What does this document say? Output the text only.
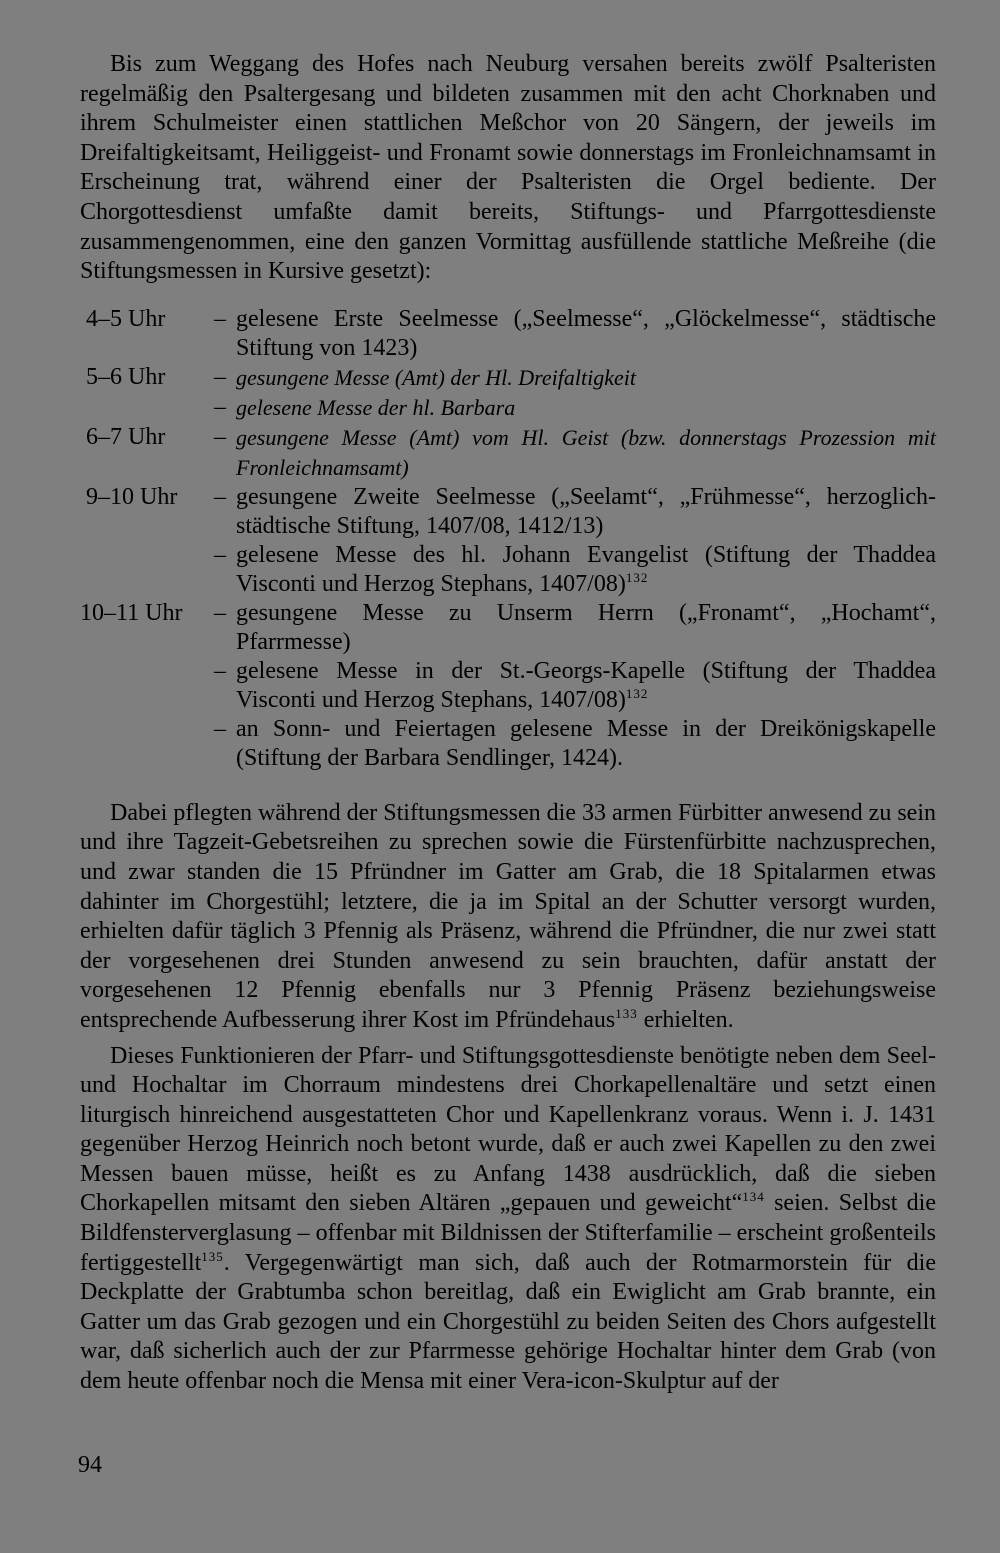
Bis zum Weggang des Hofes nach Neuburg versahen bereits zwölf Psalteristen regelmäßig den Psaltergesang und bildeten zusammen mit den acht Chorknaben und ihrem Schulmeister einen stattlichen Meßchor von 20 Sängern, der jeweils im Dreifaltigkeitsamt, Heiliggeist- und Fronamt sowie donnerstags im Fronleichnamsamt in Erscheinung trat, während einer der Psalteristen die Orgel bediente. Der Chorgottesdienst umfaßte damit bereits, Stiftungs- und Pfarrgottesdienste zusammengenommen, eine den ganzen Vormittag ausfüllende stattliche Meßreihe (die Stiftungsmessen in Kursive gesetzt):

4–5 Uhr	– gelesene Erste Seelmesse („Seelmesse“, „Glöckelmesse“, städtische Stiftung von 1423)
5–6 Uhr	– gesungene Messe (Amt) der Hl. Dreifaltigkeit
– gelesene Messe der hl. Barbara
6–7 Uhr	– gesungene Messe (Amt) vom Hl. Geist (bzw. donnerstags Prozession mit Fronleichnamsamt)
9–10 Uhr	– gesungene Zweite Seelmesse („Seelamt“, „Frühmesse“, herzoglich-städtische Stiftung, 1407/08, 1412/13)
– gelesene Messe des hl. Johann Evangelist (Stiftung der Thaddea Visconti und Herzog Stephans, 1407/08)$^{132}$
10–11 Uhr	– gesungene Messe zu Unserm Herrn („Fronamt“, „Hochamt“, Pfarrmesse)
– gelesene Messe in der St.-Georgs-Kapelle (Stiftung der Thaddea Visconti und Herzog Stephans, 1407/08)$^{132}$
– an Sonn- und Feiertagen gelesene Messe in der Dreikönigskapelle (Stiftung der Barbara Sendlinger, 1424).

Dabei pflegten während der Stiftungsmessen die 33 armen Fürbitter anwesend zu sein und ihre Tagzeit-Gebetsreihen zu sprechen sowie die Fürstenfürbitte nachzusprechen, und zwar standen die 15 Pfründner im Gatter am Grab, die 18 Spitalarmen etwas dahinter im Chorgestühl; letztere, die ja im Spital an der Schutter versorgt wurden, erhielten dafür täglich 3 Pfennig als Präsenz, während die Pfründner, die nur zwei statt der vorgesehenen drei Stunden anwesend zu sein brauchten, dafür anstatt der vorgesehenen 12 Pfennig ebenfalls nur 3 Pfennig Präsenz beziehungsweise entsprechende Aufbesserung ihrer Kost im Pfründehaus$^{133}$ erhielten.

Dieses Funktionieren der Pfarr- und Stiftungsgottesdienste benötigte neben dem Seel- und Hochaltar im Chorraum mindestens drei Chorkapellenaltäre und setzt einen liturgisch hinreichend ausgestatteten Chor und Kapellenkranz voraus. Wenn i. J. 1431 gegenüber Herzog Heinrich noch betont wurde, daß er auch zwei Kapellen zu den zwei Messen bauen müsse, heißt es zu Anfang 1438 ausdrücklich, daß die sieben Chorkapellen mitsamt den sieben Altären „gepauen und geweicht“$^{134}$ seien. Selbst die Bildfensterverglasung – offenbar mit Bildnissen der Stifterfamilie – erscheint großenteils fertiggestellt$^{135}$. Vergegenwärtigt man sich, daß auch der Rotmarmorstein für die Deckplatte der Grabtumba schon bereitlag, daß ein Ewiglicht am Grab brannte, ein Gatter um das Grab gezogen und ein Chorgestühl zu beiden Seiten des Chors aufgestellt war, daß sicherlich auch der zur Pfarrmesse gehörige Hochaltar hinter dem Grab (von dem heute offenbar noch die Mensa mit einer Vera-icon-Skulptur auf der

94
